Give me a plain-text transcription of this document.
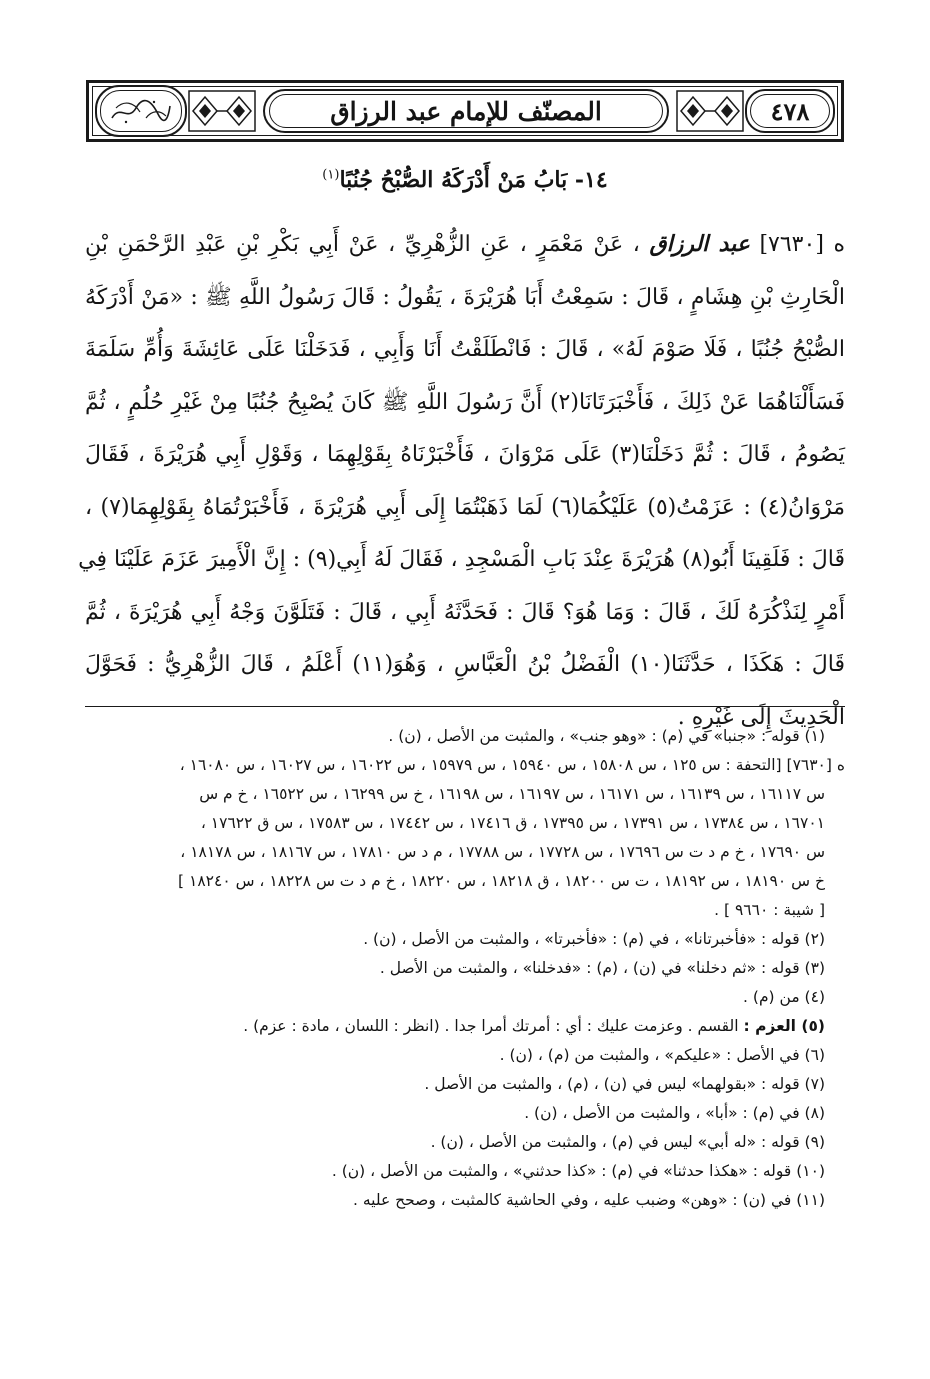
المصنّف للإمام عبد الرزاق	٤٧٨
١٤- بَابُ مَنْ أَدْرَكَهُ الصُّبْحُ جُنُبًا$^{(١)}$
ه [٧٦٣٠] عبد الرزاق ، عَنْ مَعْمَرٍ ، عَنِ الزُّهْرِيِّ ، عَنْ أَبِي بَكْرِ بْنِ عَبْدِ الرَّحْمَنِ بْنِ
الْحَارِثِ بْنِ هِشَامٍ ، قَالَ : سَمِعْتُ أَبَا هُرَيْرَةَ ، يَقُولُ : قَالَ رَسُولُ اللَّهِ ﷺ : «مَنْ أَدْرَكَهُ
الصُّبْحُ جُنُبًا ، فَلَا صَوْمَ لَهُ» ، قَالَ : فَانْطَلَقْتُ أَنَا وَأَبِي ، فَدَخَلْنَا عَلَى عَائِشَةَ وَأُمِّ سَلَمَةَ
فَسَأَلْنَاهُمَا عَنْ ذَلِكَ ، فَأَخْبَرَتَانَا(٢) أَنَّ رَسُولَ اللَّهِ ﷺ كَانَ يُصْبِحُ جُنُبًا مِنْ غَيْرِ حُلُمٍ ، ثُمَّ
يَصُومُ ، قَالَ : ثُمَّ دَخَلْنَا(٣) عَلَى مَرْوَانَ ، فَأَخْبَرْنَاهُ بِقَوْلِهِمَا ، وَقَوْلِ أَبِي هُرَيْرَةَ ، فَقَالَ
مَرْوَانُ(٤) : عَزَمْتُ(٥) عَلَيْكُمَا(٦) لَمَا ذَهَبْتُمَا إِلَى أَبِي هُرَيْرَةَ ، فَأَخْبَرْتُمَاهُ بِقَوْلِهِمَا(٧) ،
قَالَ : فَلَقِينَا أَبُو(٨) هُرَيْرَةَ عِنْدَ بَابِ الْمَسْجِدِ ، فَقَالَ لَهُ أَبِي(٩) : إِنَّ الْأَمِيرَ عَزَمَ عَلَيْنَا فِي
أَمْرٍ لِنَذْكُرَهُ لَكَ ، قَالَ : وَمَا هُوَ؟ قَالَ : فَحَدَّثَهُ أَبِي ، قَالَ : فَتَلَوَّنَ وَجْهُ أَبِي هُرَيْرَةَ ، ثُمَّ
قَالَ : هَكَذَا ، حَدَّثَنَا(١٠) الْفَضْلُ بْنُ الْعَبَّاسِ ، وَهُوَ(١١) أَعْلَمُ ، قَالَ الزُّهْرِيُّ : فَحَوَّلَ
الْحَدِيثَ إِلَى غَيْرِهِ .
(١) قوله : «جنبا» في (م) : «وهو جنب» ، والمثبت من الأصل ، (ن) .
ه [٧٦٣٠] [التحفة : س ١٢٥ ، س ١٥٨٠٨ ، س ١٥٩٤٠ ، س ١٥٩٧٩ ، س ١٦٠٢٢ ، س ١٦٠٢٧ ، س ١٦٠٨٠ ،
س ١٦١١٧ ، س ١٦١٣٩ ، س ١٦١٧١ ، س ١٦١٩٧ ، س ١٦١٩٨ ، خ س ١٦٢٩٩ ، س ١٦٥٢٢ ، خ م س
١٦٧٠١ ، س ١٧٣٨٤ ، س ١٧٣٩١ ، س ١٧٣٩٥ ، ق ١٧٤١٦ ، س ١٧٤٤٢ ، س ١٧٥٨٣ ، س ق ١٧٦٢٢ ،
س ١٧٦٩٠ ، خ م د ت س ١٧٦٩٦ ، س ١٧٧٢٨ ، س ١٧٧٨٨ ، م د س ١٧٨١٠ ، س ١٨١٦٧ ، س ١٨١٧٨ ،
خ س ١٨١٩٠ ، س ١٨١٩٢ ، ت س ١٨٢٠٠ ، ق ١٨٢١٨ ، س ١٨٢٢٠ ، خ م د ت س ١٨٢٢٨ ، س ١٨٢٤٠ ]
[ شيبة : ٩٦٦٠ ] .
(٢) قوله : «فأخبرتانا» ، في (م) : «فأخبرتا» ، والمثبت من الأصل ، (ن) .
(٣) قوله : «ثم دخلنا» في (ن) ، (م) : «فدخلنا» ، والمثبت من الأصل .
(٤) من (م) .
(٥) العزم : القسم . وعزمت عليك : أي : أمرتك أمرا جدا . (انظر : اللسان ، مادة : عزم) .
(٦) في الأصل : «عليكم» ، والمثبت من (م) ، (ن) .
(٧) قوله : «بقولهما» ليس في (ن) ، (م) ، والمثبت من الأصل .
(٨) في (م) : «أبا» ، والمثبت من الأصل ، (ن) .
(٩) قوله : «له أبي» ليس في (م) ، والمثبت من الأصل ، (ن) .
(١٠) قوله : «هكذا حدثنا» في (م) : «كذا حدثني» ، والمثبت من الأصل ، (ن) .
(١١) في (ن) : «وهن» وضبب عليه ، وفي الحاشية كالمثبت ، وصحح عليه .
